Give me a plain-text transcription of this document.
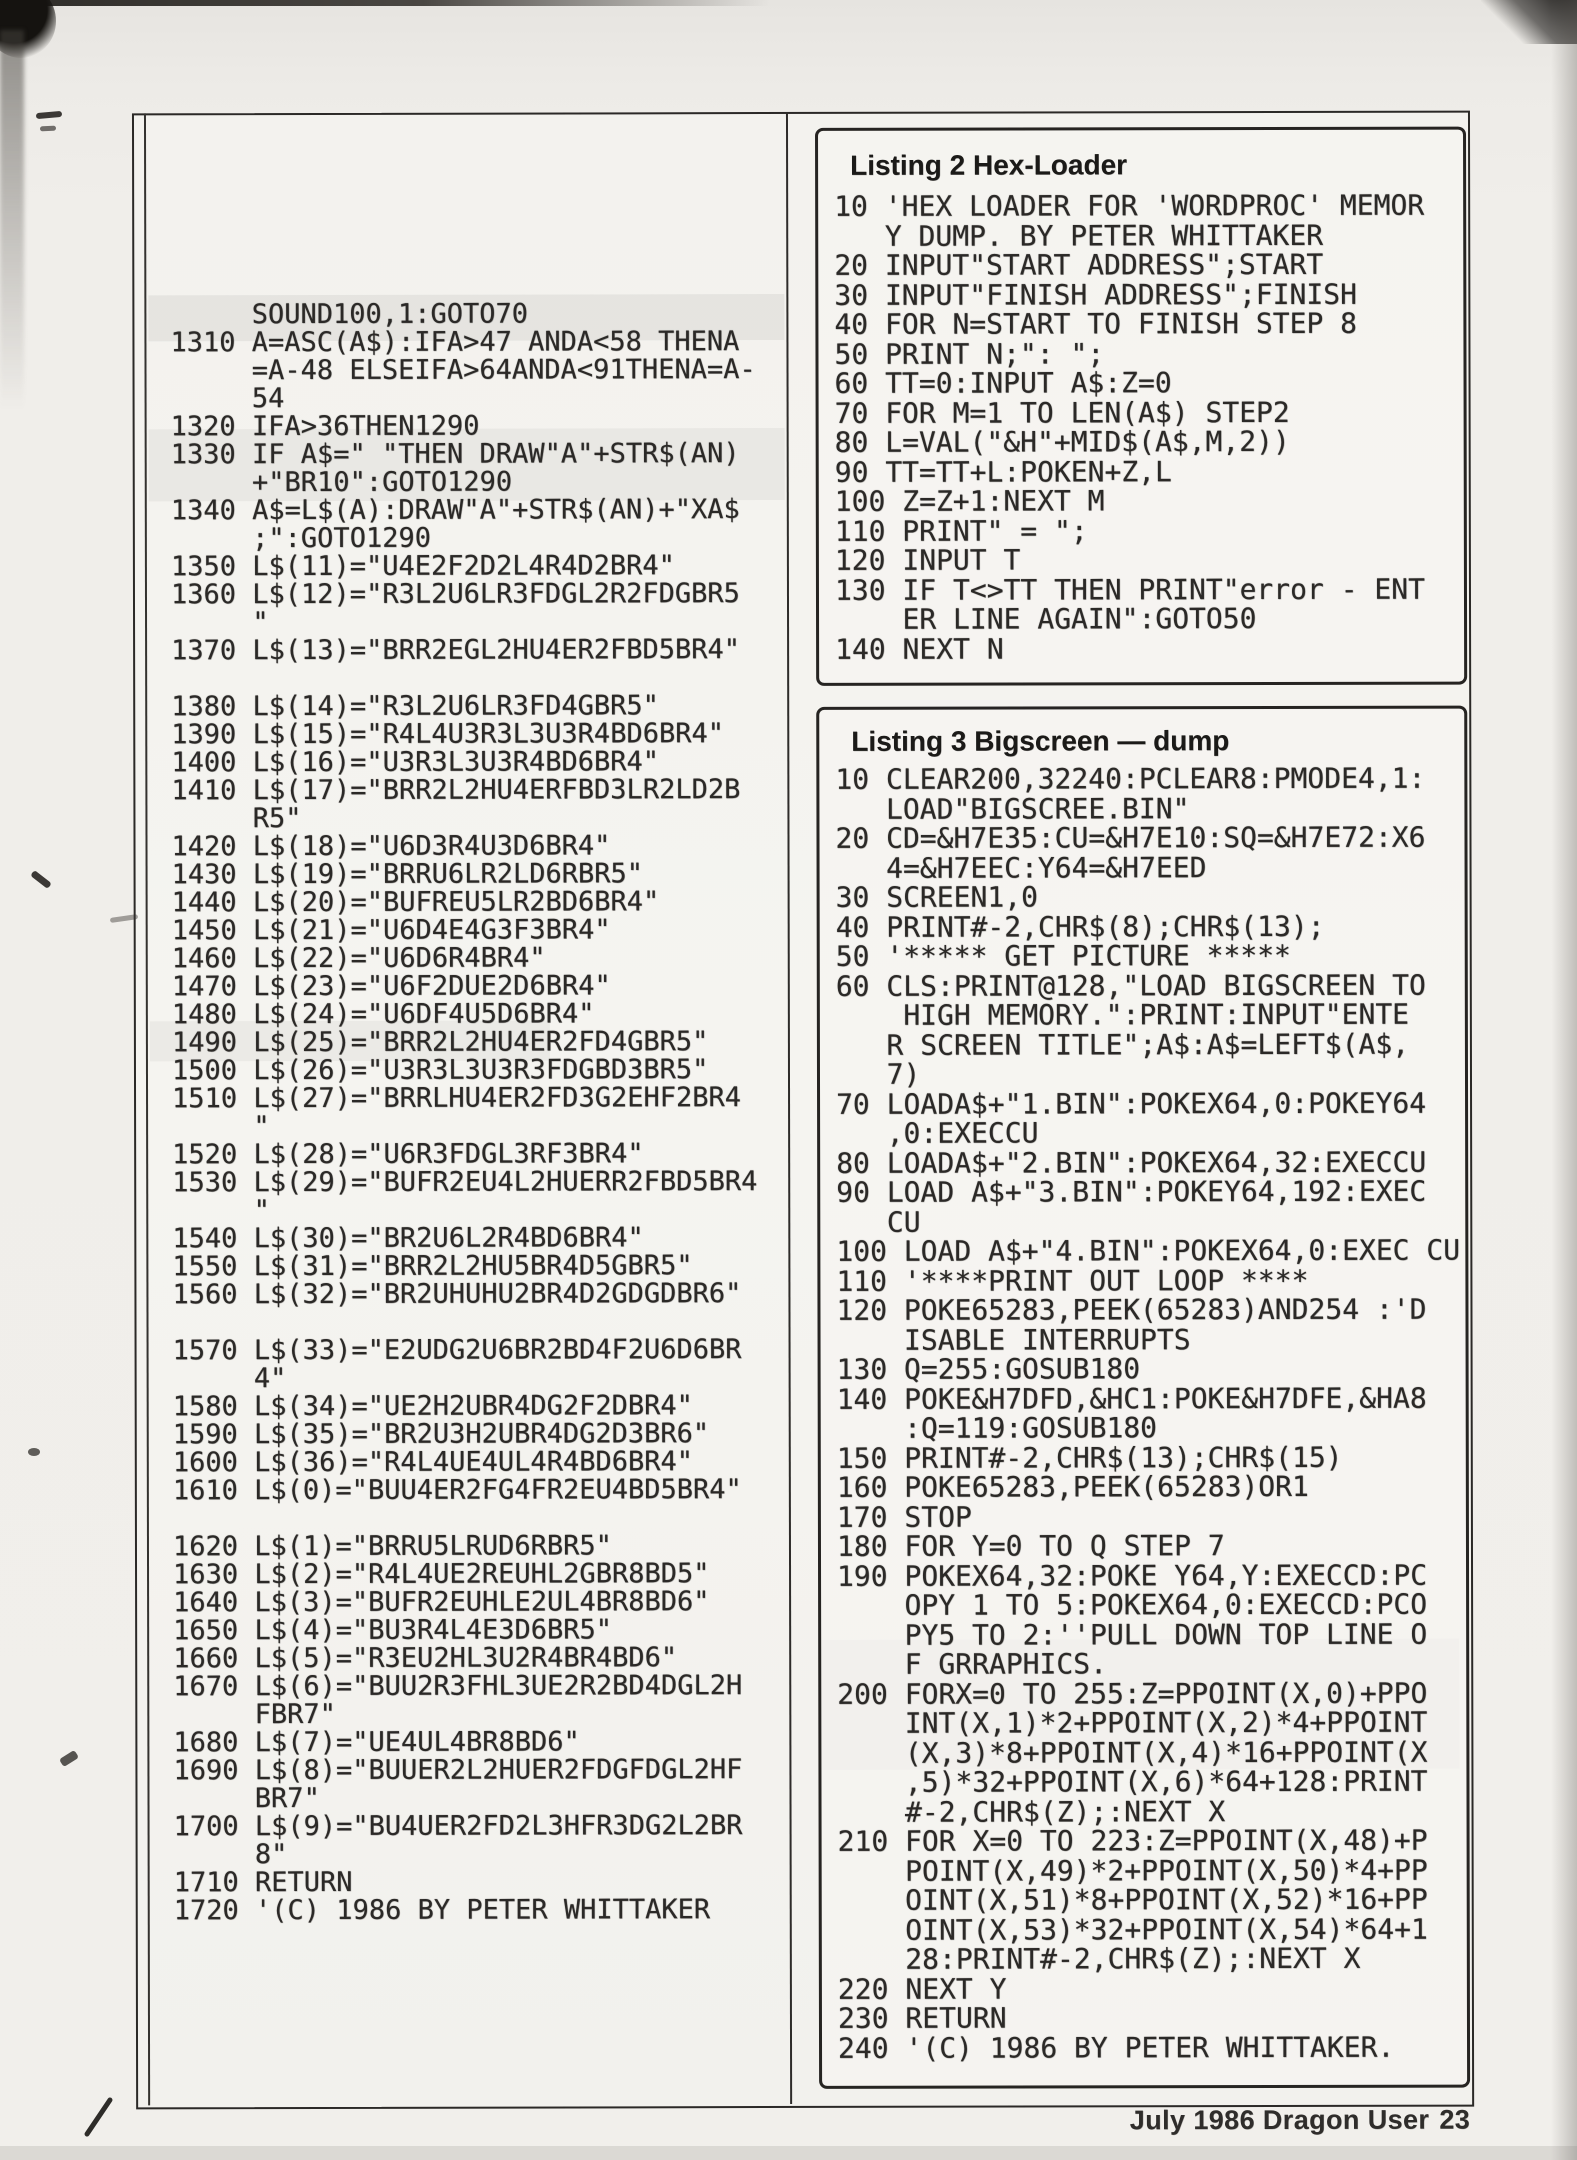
SOUND100,1:GOTO70
1310 A=ASC(A$):IFA>47 ANDA<58 THENA
=A-48 ELSEIFA>64ANDA<91THENA=A-
54
1320 IFA>36THEN1290
1330 IF A$=" "THEN DRAW"A"+STR$(AN)
+"BR10":GOTO1290
1340 A$=L$(A):DRAW"A"+STR$(AN)+"XA$
;":GOTO1290
1350 L$(11)="U4E2F2D2L4R4D2BR4"
1360 L$(12)="R3L2U6LR3FDGL2R2FDGBR5
"
1370 L$(13)="BRR2EGL2HU4ER2FBD5BR4"

1380 L$(14)="R3L2U6LR3FD4GBR5"
1390 L$(15)="R4L4U3R3L3U3R4BD6BR4"
1400 L$(16)="U3R3L3U3R4BD6BR4"
1410 L$(17)="BRR2L2HU4ERFBD3LR2LD2B
R5"
1420 L$(18)="U6D3R4U3D6BR4"
1430 L$(19)="BRRU6LR2LD6RBR5"
1440 L$(20)="BUFREU5LR2BD6BR4"
1450 L$(21)="U6D4E4G3F3BR4"
1460 L$(22)="U6D6R4BR4"
1470 L$(23)="U6F2DUE2D6BR4"
1480 L$(24)="U6DF4U5D6BR4"
1490 L$(25)="BRR2L2HU4ER2FD4GBR5"
1500 L$(26)="U3R3L3U3R3FDGBD3BR5"
1510 L$(27)="BRRLHU4ER2FD3G2EHF2BR4
"
1520 L$(28)="U6R3FDGL3RF3BR4"
1530 L$(29)="BUFR2EU4L2HUERR2FBD5BR4
"
1540 L$(30)="BR2U6L2R4BD6BR4"
1550 L$(31)="BRR2L2HU5BR4D5GBR5"
1560 L$(32)="BR2UHUHU2BR4D2GDGDBR6"

1570 L$(33)="E2UDG2U6BR2BD4F2U6D6BR
4"
1580 L$(34)="UE2H2UBR4DG2F2DBR4"
1590 L$(35)="BR2U3H2UBR4DG2D3BR6"
1600 L$(36)="R4L4UE4UL4R4BD6BR4"
1610 L$(0)="BUU4ER2FG4FR2EU4BD5BR4"

1620 L$(1)="BRRU5LRUD6RBR5"
1630 L$(2)="R4L4UE2REUHL2GBR8BD5"
1640 L$(3)="BUFR2EUHLE2UL4BR8BD6"
1650 L$(4)="BU3R4L4E3D6BR5"
1660 L$(5)="R3EU2HL3U2R4BR4BD6"
1670 L$(6)="BUU2R3FHL3UE2R2BD4DGL2H
FBR7"
1680 L$(7)="UE4UL4BR8BD6"
1690 L$(8)="BUUER2L2HUER2FDGFDGL2HF
BR7"
1700 L$(9)="BU4UER2FD2L3HFR3DG2L2BR
8"
1710 RETURN
1720 '(C) 1986 BY PETER WHITTAKER
Listing 2 Hex-Loader
10 'HEX LOADER FOR 'WORDPROC' MEMOR
Y DUMP. BY PETER WHITTAKER
20 INPUT"START ADDRESS";START
30 INPUT"FINISH ADDRESS";FINISH
40 FOR N=START TO FINISH STEP 8
50 PRINT N;": ";
60 TT=0:INPUT A$:Z=0
70 FOR M=1 TO LEN(A$) STEP2
80 L=VAL("&H"+MID$(A$,M,2))
90 TT=TT+L:POKEN+Z,L
100 Z=Z+1:NEXT M
110 PRINT" = ";
120 INPUT T
130 IF T<>TT THEN PRINT"error - ENT
ER LINE AGAIN":GOTO50
140 NEXT N
Listing 3 Bigscreen — dump
10 CLEAR200,32240:PCLEAR8:PMODE4,1:
LOAD"BIGSCREE.BIN"
20 CD=&H7E35:CU=&H7E10:SQ=&H7E72:X6
4=&H7EEC:Y64=&H7EED
30 SCREEN1,0
40 PRINT#-2,CHR$(8);CHR$(13);
50 '***** GET PICTURE *****
60 CLS:PRINT@128,"LOAD BIGSCREEN TO
HIGH MEMORY.":PRINT:INPUT"ENTE
R SCREEN TITLE";A$:A$=LEFT$(A$,
7)
70 LOADA$+"1.BIN":POKEX64,0:POKEY64
,0:EXECCU
80 LOADA$+"2.BIN":POKEX64,32:EXECCU
90 LOAD A$+"3.BIN":POKEY64,192:EXEC
CU
100 LOAD A$+"4.BIN":POKEX64,0:EXEC CU
110 '****PRINT OUT LOOP ****
120 POKE65283,PEEK(65283)AND254 :'D
ISABLE INTERRUPTS
130 Q=255:GOSUB180
140 POKE&H7DFD,&HC1:POKE&H7DFE,&HA8
:Q=119:GOSUB180
150 PRINT#-2,CHR$(13);CHR$(15)
160 POKE65283,PEEK(65283)OR1
170 STOP
180 FOR Y=0 TO Q STEP 7
190 POKEX64,32:POKE Y64,Y:EXECCD:PC
OPY 1 TO 5:POKEX64,0:EXECCD:PCO
PY5 TO 2:''PULL DOWN TOP LINE O
F GRRAPHICS.
200 FORX=0 TO 255:Z=PPOINT(X,0)+PPO
INT(X,1)*2+PPOINT(X,2)*4+PPOINT
(X,3)*8+PPOINT(X,4)*16+PPOINT(X
,5)*32+PPOINT(X,6)*64+128:PRINT
#-2,CHR$(Z);:NEXT X
210 FOR X=0 TO 223:Z=PPOINT(X,48)+P
POINT(X,49)*2+PPOINT(X,50)*4+PP
OINT(X,51)*8+PPOINT(X,52)*16+PP
OINT(X,53)*32+PPOINT(X,54)*64+1
28:PRINT#-2,CHR$(Z);:NEXT X
220 NEXT Y
230 RETURN
240 '(C) 1986 BY PETER WHITTAKER.
July 1986 Dragon User 23
